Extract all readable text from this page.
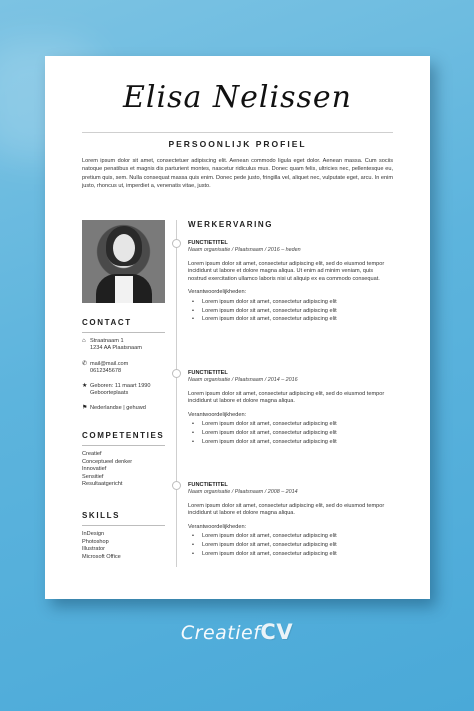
Elisa Nelissen
PERSOONLIJK PROFIEL
Lorem ipsum dolor sit amet, consectetuer adipiscing elit. Aenean commodo ligula eget dolor. Aenean massa. Cum sociis natoque penatibus et magnis dis parturient montes, nascetur ridiculus mus. Donec quam felis, ultricies nec, pellentesque eu, pretium quis, sem. Nulla consequat massa quis enim. Donec pede justo, fringilla vel, aliquet nec, vulputate eget, arcu. In enim justo, rhoncus ut, imperdiet a, venenatis vitae, justo.
CONTACT
⌂ Straatnaam 1
1234 AA Plaatsnaam
✆ mail@mail.com
0612345678
★ Geboren: 11 maart 1990
Geboorteplaats
⚑ Nederlandse | gehuwd
COMPETENTIES
Creatief
Conceptueel denker
Innovatief
Sensitief
Resultaatgericht
SKILLS
InDesign
Photoshop
Illustrator
Microsoft Office
WERKERVARING
FUNCTIETITEL
Naam organisatie / Plaatsnaam / 2016 – heden
Lorem ipsum dolor sit amet, consectetur adipiscing elit, sed do eiusmod tempor incididunt ut labore et dolore magna aliqua. Ut enim ad minim veniam, quis nostrud exercitation ullamco laboris nisi ut aliquip ex ea commodo consequat.
Verantwoordelijkheden:
• Lorem ipsum dolor sit amet, consectetur adipiscing elit
• Lorem ipsum dolor sit amet, consectetur adipiscing elit
• Lorem ipsum dolor sit amet, consectetur adipiscing elit
FUNCTIETITEL
Naam organisatie / Plaatsnaam / 2014 – 2016
Lorem ipsum dolor sit amet, consectetur adipiscing elit, sed do eiusmod tempor incididunt ut labore et dolore magna aliqua.
Verantwoordelijkheden:
• Lorem ipsum dolor sit amet, consectetur adipiscing elit
• Lorem ipsum dolor sit amet, consectetur adipiscing elit
• Lorem ipsum dolor sit amet, consectetur adipiscing elit
FUNCTIETITEL
Naam organisatie / Plaatsnaam / 2008 – 2014
Lorem ipsum dolor sit amet, consectetur adipiscing elit, sed do eiusmod tempor incididunt ut labore et dolore magna aliqua.
Verantwoordelijkheden:
• Lorem ipsum dolor sit amet, consectetur adipiscing elit
• Lorem ipsum dolor sit amet, consectetur adipiscing elit
• Lorem ipsum dolor sit amet, consectetur adipiscing elit
CreatiefCV
